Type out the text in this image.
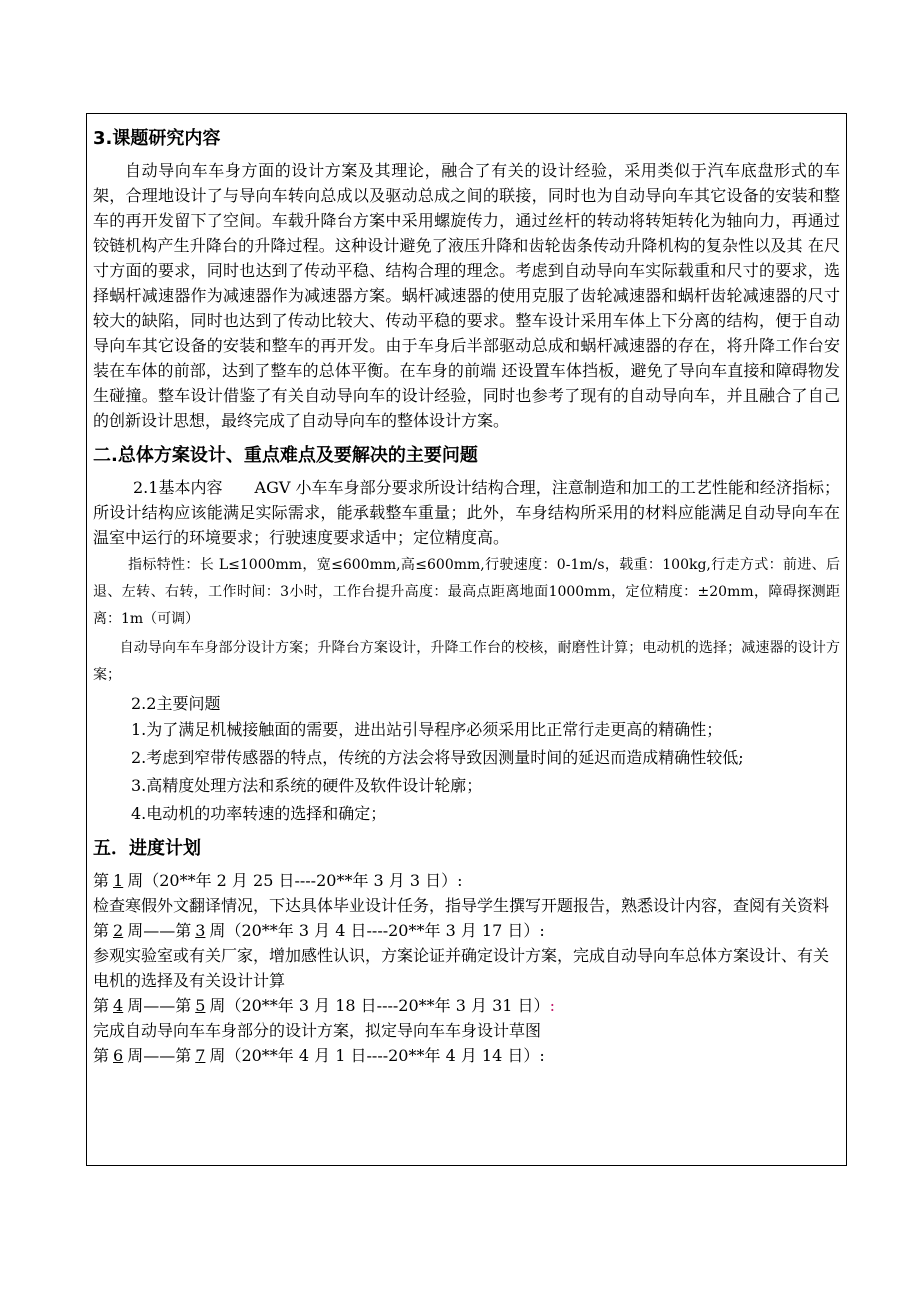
3.课题研究内容

自动导向车车身方面的设计方案及其理论，融合了有关的设计经验，采用类似于汽车底盘形式的车架，合理地设计了与导向车转向总成以及驱动总成之间的联接，同时也为自动导向车其它设备的安装和整车的再开发留下了空间。车载升降台方案中采用螺旋传力，通过丝杆的转动将转矩转化为轴向力，再通过铰链机构产生升降台的升降过程。这种设计避免了液压升降和齿轮齿条传动升降机构的复杂性以及其 在尺寸方面的要求，同时也达到了传动平稳、结构合理的理念。考虑到自动导向车实际载重和尺寸的要求，选择蜗杆减速器作为减速器作为减速器方案。蜗杆减速器的使用克服了齿轮减速器和蜗杆齿轮减速器的尺寸较大的缺陷，同时也达到了传动比较大、传动平稳的要求。整车设计采用车体上下分离的结构，便于自动导向车其它设备的安装和整车的再开发。由于车身后半部驱动总成和蜗杆减速器的存在，将升降工作台安装在车体的前部，达到了整车的总体平衡。在车身的前端 还设置车体挡板，避免了导向车直接和障碍物发生碰撞。整车设计借鉴了有关自动导向车的设计经验，同时也参考了现有的自动导向车，并且融合了自己的创新设计思想，最终完成了自动导向车的整体设计方案。

二.总体方案设计、重点难点及要解决的主要问题

2.1基本内容　　AGV 小车车身部分要求所设计结构合理，注意制造和加工的工艺性能和经济指标；所设计结构应该能满足实际需求，能承载整车重量；此外，车身结构所采用的材料应能满足自动导向车在温室中运行的环境要求；行驶速度要求适中；定位精度高。

指标特性：长 L≤1000mm，宽≤600mm,高≤600mm,行驶速度：0-1m/s，载重：100kg,行走方式：前进、后退、左转、右转，工作时间：3小时，工作台提升高度：最高点距离地面1000mm，定位精度：±20mm，障碍探测距离：1m（可调）

自动导向车车身部分设计方案；升降台方案设计，升降工作台的校核，耐磨性计算；电动机的选择；减速器的设计方案；

2.2主要问题
1.为了满足机械接触面的需要，进出站引导程序必须采用比正常行走更高的精确性；
2.考虑到窄带传感器的特点，传统的方法会将导致因测量时间的延迟而造成精确性较低;
3.高精度处理方法和系统的硬件及软件设计轮廓；
4.电动机的功率转速的选择和确定；
五．进度计划
第 1 周（20**年 2 月 25 日----20**年 3 月 3 日）:
检查寒假外文翻译情况，下达具体毕业设计任务，指导学生撰写开题报告，熟悉设计内容，查阅有关资料
第 2 周——第 3 周（20**年 3 月 4 日----20**年 3 月 17 日）:
参观实验室或有关厂家，增加感性认识，方案论证并确定设计方案，完成自动导向车总体方案设计、有关电机的选择及有关设计计算
第 4 周——第 5 周（20**年 3 月 18 日----20**年 3 月 31 日）:
完成自动导向车车身部分的设计方案，拟定导向车车身设计草图
第 6 周——第 7 周（20**年 4 月 1 日----20**年 4 月 14 日）:
